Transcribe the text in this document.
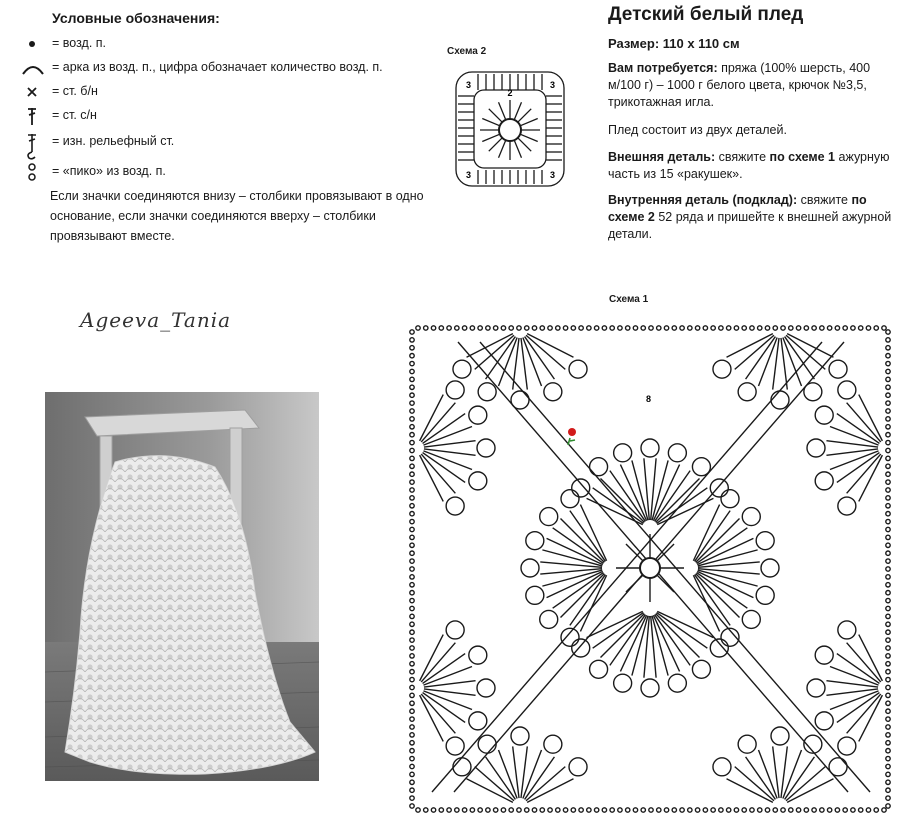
Условные обозначения:
= возд. п.
= арка из возд. п., цифра обозначает количество возд. п.
= ст. б/н
= ст. с/н
= изн. рельефный ст.
= «пико» из возд. п.
Если значки соединяются внизу – столбики провязывают в одно основание, если значки соединяются вверху – столбики провязывают вместе.
Схема 2
2
3	3
3	3
Детский белый плед
Размер: 110 x 110 см
Вам потребуется: пряжа (100% шерсть, 400 м/100 г) – 1000 г белого цвета, крючок №3,5, трикотажная игла.
Плед состоит из двух деталей.
Внешняя деталь: свяжите по схеме 1 ажурную часть из 15 «ракушек».
Внутренняя деталь (подклад): свяжите по схеме 2 52 ряда и пришейте к внешней ажурной детали.
Ageeva_Tania
Схема 1
8
